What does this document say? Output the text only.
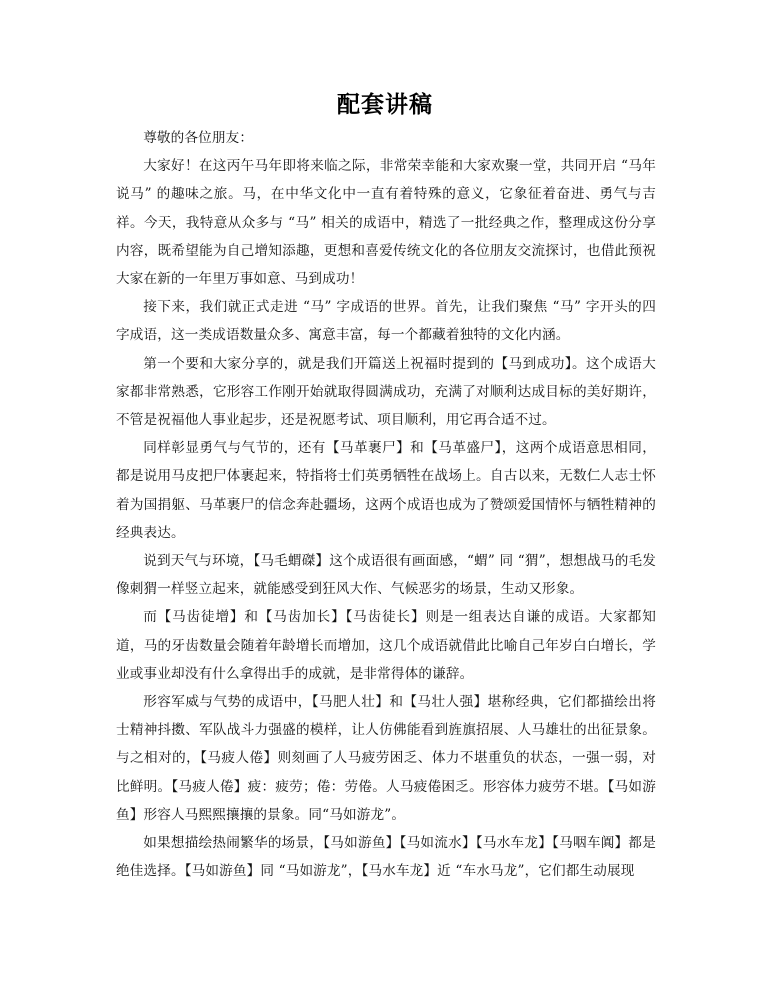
配套讲稿

尊敬的各位朋友：

大家好！在这丙午马年即将来临之际，非常荣幸能和大家欢聚一堂，共同开启 “马年说马” 的趣味之旅。马，在中华文化中一直有着特殊的意义，它象征着奋进、勇气与吉祥。今天，我特意从众多与 “马” 相关的成语中，精选了一批经典之作，整理成这份分享内容，既希望能为自己增知添趣，更想和喜爱传统文化的各位朋友交流探讨，也借此预祝大家在新的一年里万事如意、马到成功！

接下来，我们就正式走进 “马” 字成语的世界。首先，让我们聚焦 “马” 字开头的四字成语，这一类成语数量众多、寓意丰富，每一个都藏着独特的文化内涵。

第一个要和大家分享的，就是我们开篇送上祝福时提到的【马到成功】。这个成语大家都非常熟悉，它形容工作刚开始就取得圆满成功，充满了对顺利达成目标的美好期许，不管是祝福他人事业起步，还是祝愿考试、项目顺利，用它再合适不过。

同样彰显勇气与气节的，还有【马革裹尸】和【马革盛尸】，这两个成语意思相同，都是说用马皮把尸体裹起来，特指将士们英勇牺牲在战场上。自古以来，无数仁人志士怀着为国捐躯、马革裹尸的信念奔赴疆场，这两个成语也成为了赞颂爱国情怀与牺牲精神的经典表达。

说到天气与环境，【马毛蝟磔】这个成语很有画面感，“蝟” 同 “猬”，想想战马的毛发像刺猬一样竖立起来，就能感受到狂风大作、气候恶劣的场景，生动又形象。

而【马齿徒增】和【马齿加长】【马齿徒长】则是一组表达自谦的成语。大家都知道，马的牙齿数量会随着年龄增长而增加，这几个成语就借此比喻自己年岁白白增长，学业或事业却没有什么拿得出手的成就，是非常得体的谦辞。

形容军威与气势的成语中，【马肥人壮】和【马壮人强】堪称经典，它们都描绘出将士精神抖擞、军队战斗力强盛的模样，让人仿佛能看到旌旗招展、人马雄壮的出征景象。与之相对的，【马疲人倦】则刻画了人马疲劳困乏、体力不堪重负的状态，一强一弱，对比鲜明。【马疲人倦】疲：疲劳；倦：劳倦。人马疲倦困乏。形容体力疲劳不堪。【马如游鱼】形容人马熙熙攘攘的景象。同“马如游龙”。

如果想描绘热闹繁华的场景，【马如游鱼】【马如流水】【马水车龙】【马咽车阗】都是绝佳选择。【马如游鱼】同 “马如游龙”，【马水车龙】近 “车水马龙”，它们都生动展现
